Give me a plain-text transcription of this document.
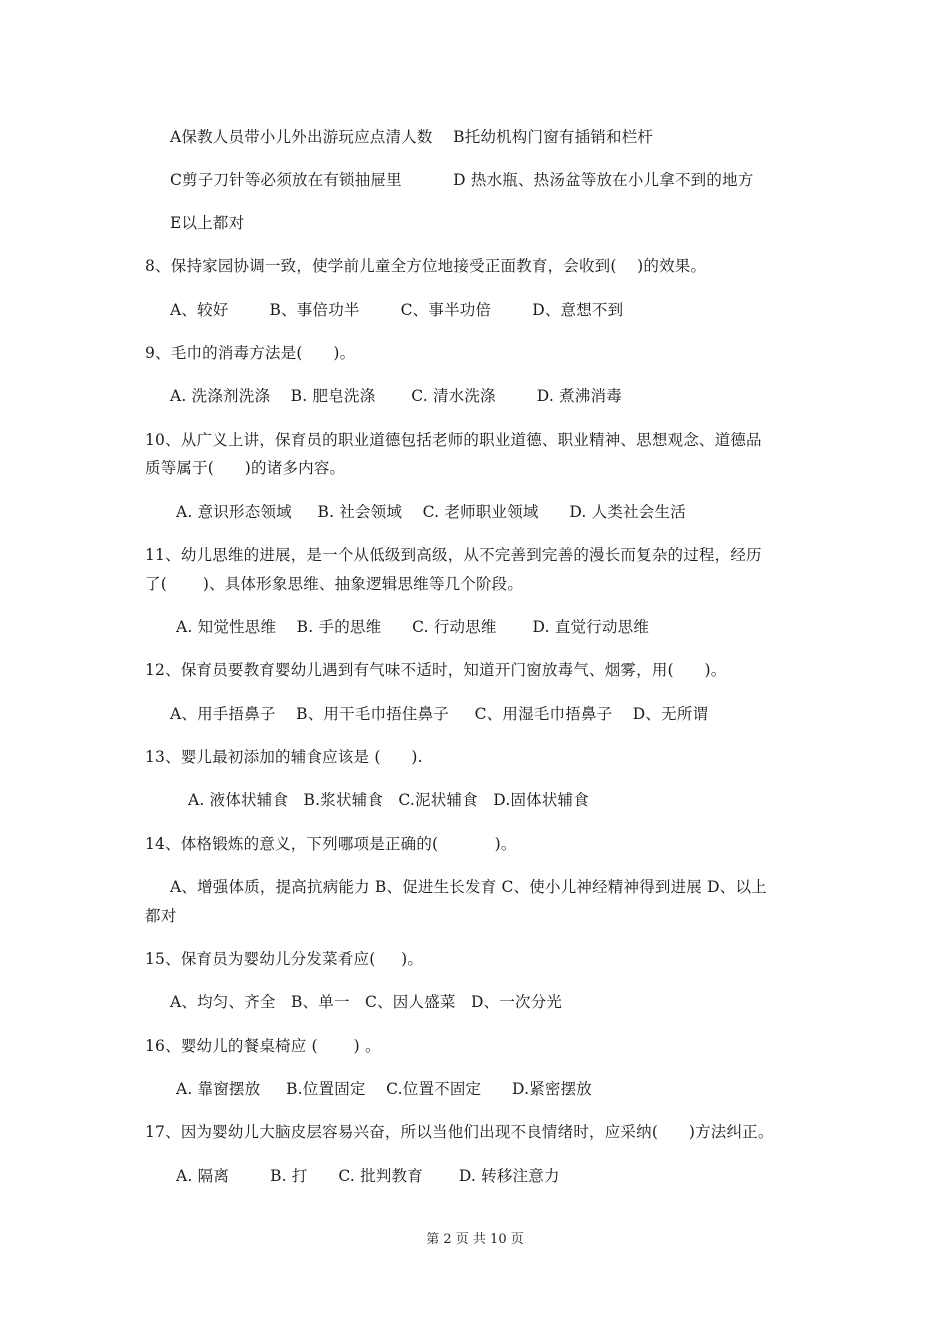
A保教人员带小儿外出游玩应点清人数    B托幼机构门窗有插销和栏杆
C剪子刀针等必须放在有锁抽屉里          D 热水瓶、热汤盆等放在小儿拿不到的地方
E以上都对
8、保持家园协调一致，使学前儿童全方位地接受正面教育，会收到(    )的效果。
A、较好        B、事倍功半        C、事半功倍        D、意想不到
9、毛巾的消毒方法是(      )。
A. 洗涤剂洗涤    B. 肥皂洗涤       C. 清水洗涤        D. 煮沸消毒
10、从广义上讲，保育员的职业道德包括老师的职业道德、职业精神、思想观念、道德品
质等属于(      )的诸多内容。
A. 意识形态领域     B. 社会领域    C. 老师职业领域      D. 人类社会生活
11、幼儿思维的进展，是一个从低级到高级，从不完善到完善的漫长而复杂的过程，经历
了(       )、具体形象思维、抽象逻辑思维等几个阶段。
A. 知觉性思维    B. 手的思维      C. 行动思维       D. 直觉行动思维
12、保育员要教育婴幼儿遇到有气味不适时，知道开门窗放毒气、烟雾，用(      )。
A、用手捂鼻子    B、用干毛巾捂住鼻子     C、用湿毛巾捂鼻子    D、无所谓
13、婴儿最初添加的辅食应该是 (      ).
A. 液体状辅食   B.浆状辅食   C.泥状辅食   D.固体状辅食
14、体格锻炼的意义，下列哪项是正确的(           )。
A、增强体质，提高抗病能力 B、促进生长发育 C、使小儿神经精神得到进展 D、以上
都对
15、保育员为婴幼儿分发菜肴应(     )。
A、均匀、齐全   B、单一   C、因人盛菜   D、一次分光
16、婴幼儿的餐桌椅应 (       ) 。
A. 靠窗摆放     B.位置固定    C.位置不固定      D.紧密摆放
17、因为婴幼儿大脑皮层容易兴奋，所以当他们出现不良情绪时，应采纳(      )方法纠正。
A. 隔离        B. 打      C. 批判教育       D. 转移注意力
第 2 页 共 10 页
